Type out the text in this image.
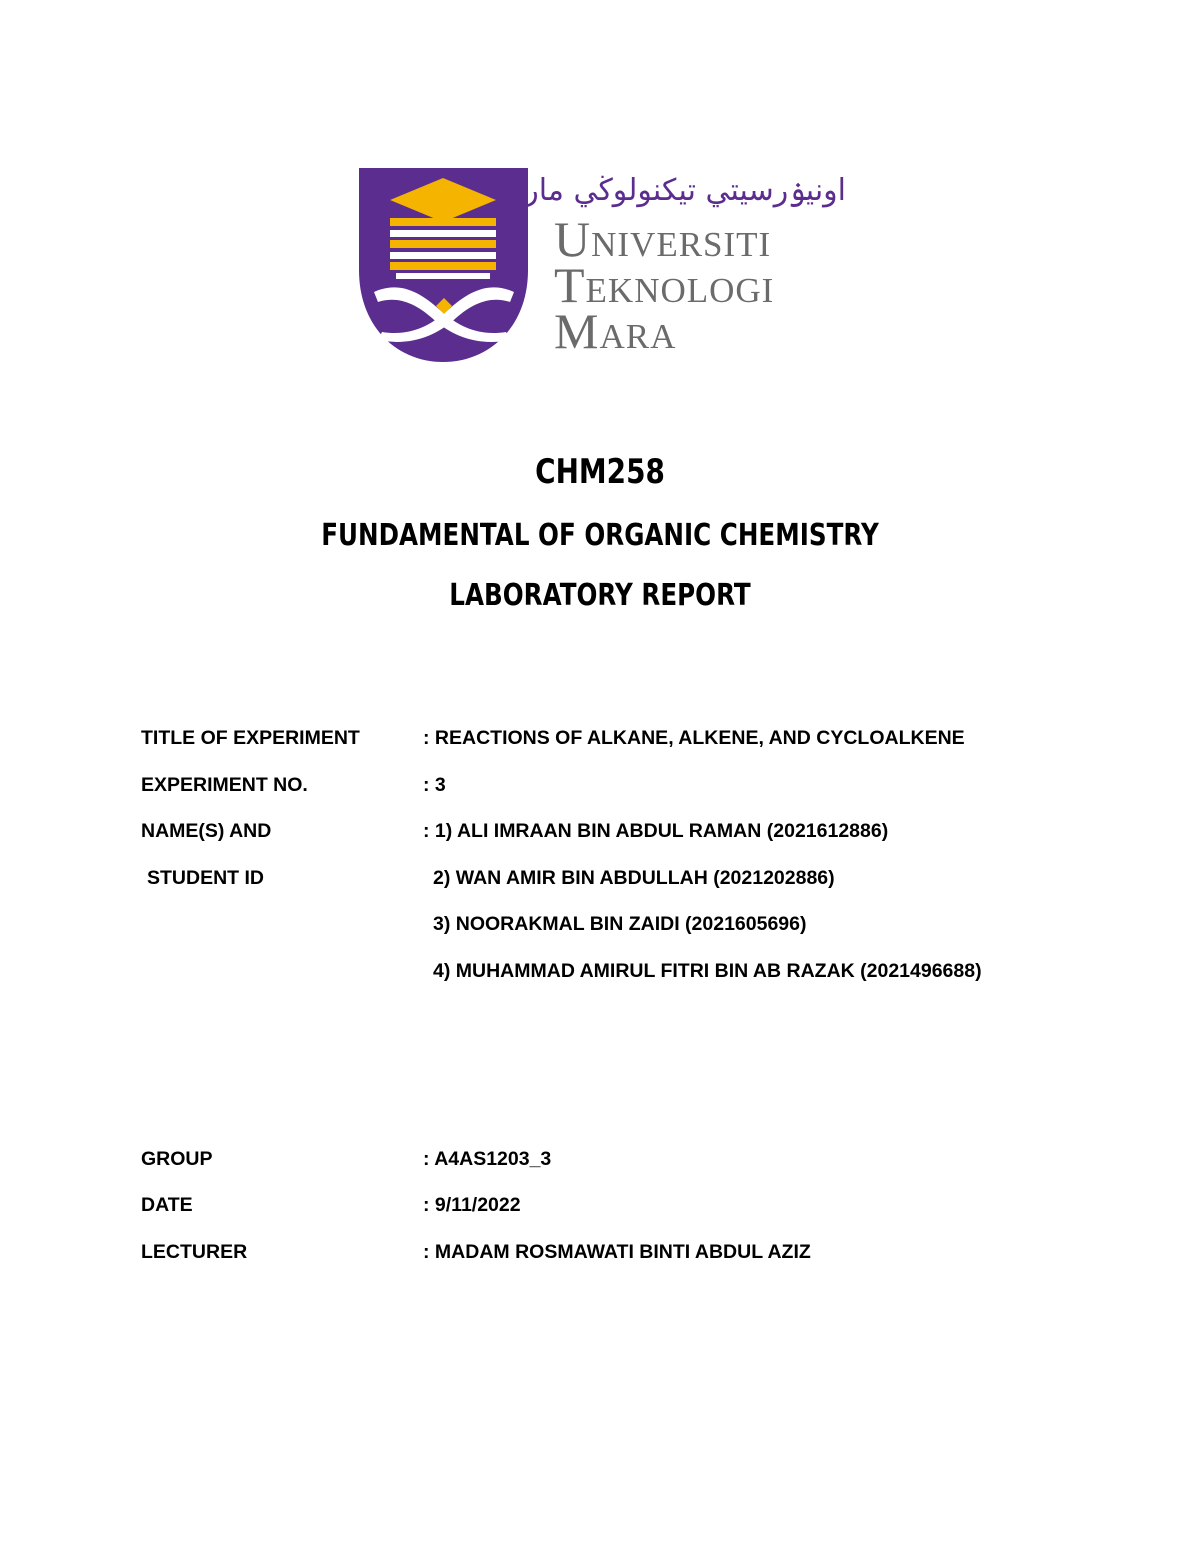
اونيۏرسيتي تيكنولوڬي مارا
Universiti
Teknologi
Mara
CHM258
FUNDAMENTAL OF ORGANIC CHEMISTRY
LABORATORY REPORT
TITLE OF EXPERIMENT	: REACTIONS OF ALKANE, ALKENE, AND CYCLOALKENE
EXPERIMENT NO.	: 3
NAME(S) AND	: 1) ALI IMRAAN BIN ABDUL RAMAN (2021612886)
STUDENT ID	2) WAN AMIR BIN ABDULLAH (2021202886)
3) NOORAKMAL BIN ZAIDI (2021605696)
4) MUHAMMAD AMIRUL FITRI BIN AB RAZAK (2021496688)
GROUP	: A4AS1203_3
DATE	: 9/11/2022
LECTURER	: MADAM ROSMAWATI BINTI ABDUL AZIZ
